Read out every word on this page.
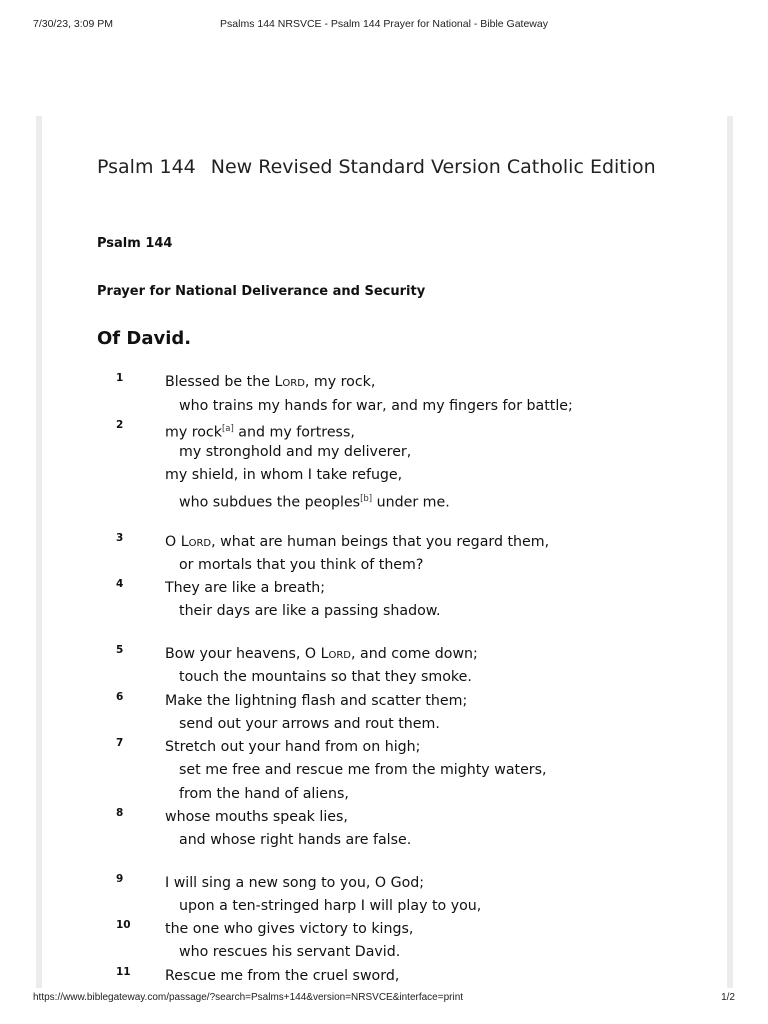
7/30/23, 3:09 PM	Psalms 144 NRSVCE - Psalm 144 Prayer for National - Bible Gateway
Psalm 144 New Revised Standard Version Catholic Edition
Psalm 144
Prayer for National Deliverance and Security
Of David.
1	Blessed be the Lord, my rock,
who trains my hands for war, and my fingers for battle;
2	my rock[a] and my fortress,
my stronghold and my deliverer,
my shield, in whom I take refuge,
who subdues the peoples[b] under me.
3	O Lord, what are human beings that you regard them,
or mortals that you think of them?
4	They are like a breath;
their days are like a passing shadow.
5	Bow your heavens, O Lord, and come down;
touch the mountains so that they smoke.
6	Make the lightning flash and scatter them;
send out your arrows and rout them.
7	Stretch out your hand from on high;
set me free and rescue me from the mighty waters,
from the hand of aliens,
8	whose mouths speak lies,
and whose right hands are false.
9	I will sing a new song to you, O God;
upon a ten-stringed harp I will play to you,
10 the one who gives victory to kings,
who rescues his servant David.
11 Rescue me from the cruel sword,
https://www.biblegateway.com/passage/?search=Psalms+144&version=NRSVCE&interface=print	1/2
